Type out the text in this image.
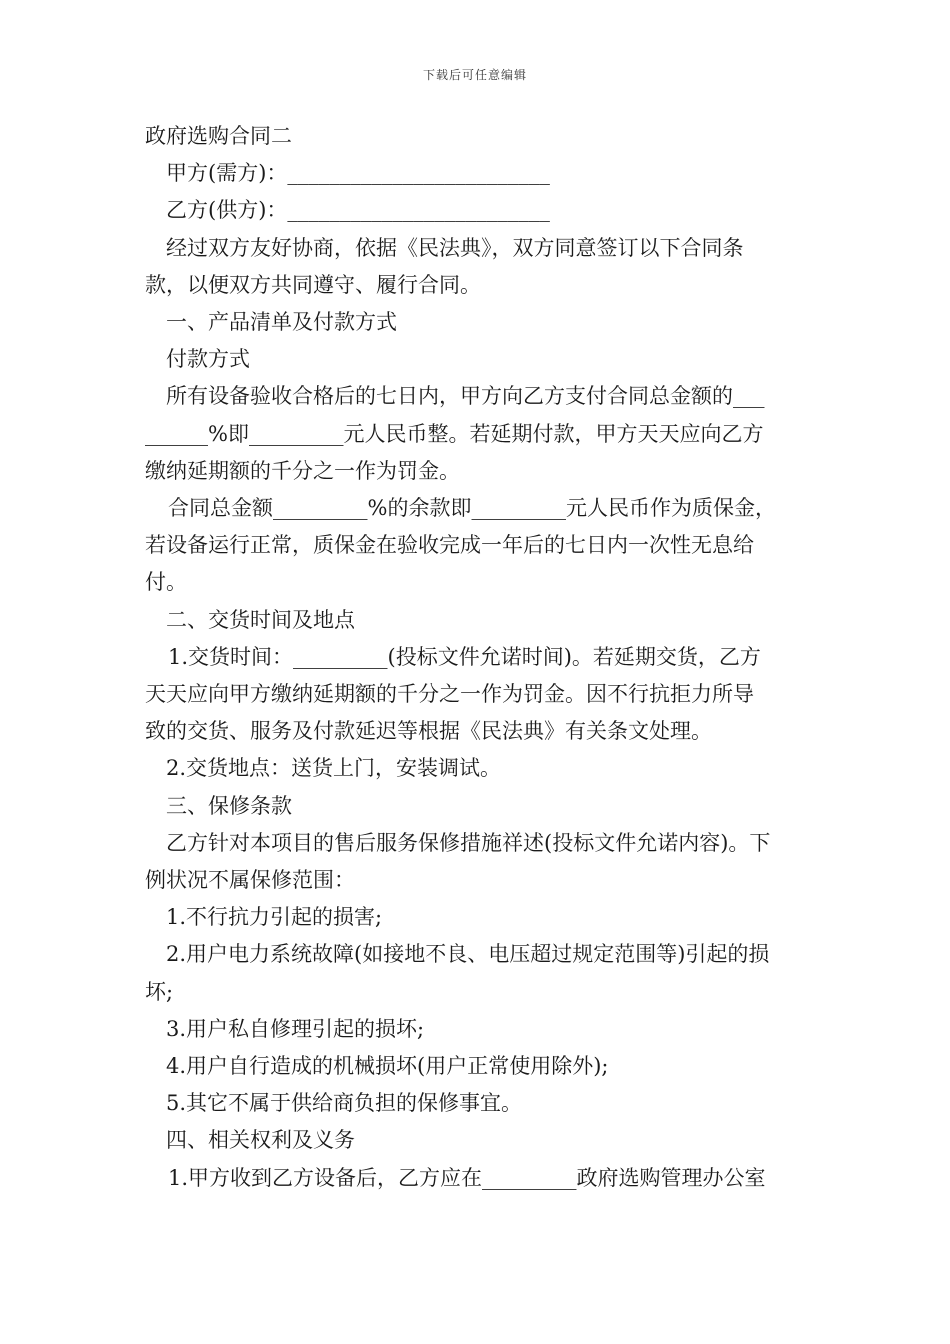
下载后可任意编辑

政府选购合同二

甲方(需方)：_________________________

乙方(供方)：_________________________

经过双方友好协商，依据《民法典》，双方同意签订以下合同条

款，以便双方共同遵守、履行合同。

一、产品清单及付款方式

付款方式

所有设备验收合格后的七日内，甲方向乙方支付合同总金额的___

______%即_________元人民币整。若延期付款，甲方天天应向乙方

缴纳延期额的千分之一作为罚金。

合同总金额_________%的余款即_________元人民币作为质保金，

若设备运行正常，质保金在验收完成一年后的七日内一次性无息给

付。

二、交货时间及地点

1.交货时间：_________(投标文件允诺时间)。若延期交货，乙方

天天应向甲方缴纳延期额的千分之一作为罚金。因不行抗拒力所导

致的交货、服务及付款延迟等根据《民法典》有关条文处理。

2.交货地点：送货上门，安装调试。

三、保修条款

乙方针对本项目的售后服务保修措施祥述(投标文件允诺内容)。下

例状况不属保修范围：

1.不行抗力引起的损害;

2.用户电力系统故障(如接地不良、电压超过规定范围等)引起的损

坏;

3.用户私自修理引起的损坏;

4.用户自行造成的机械损坏(用户正常使用除外);

5.其它不属于供给商负担的保修事宜。

四、相关权利及义务

1.甲方收到乙方设备后，乙方应在_________政府选购管理办公室
